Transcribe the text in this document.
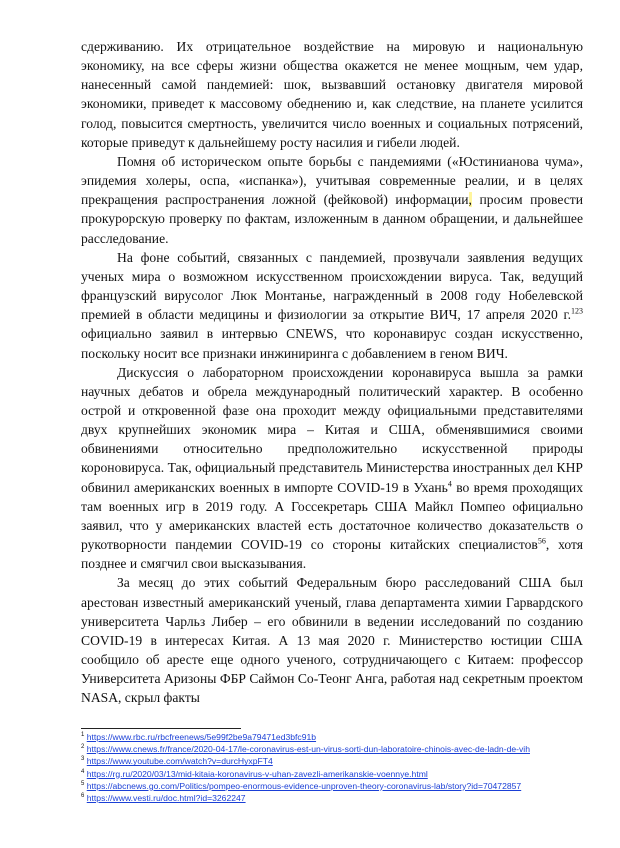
сдерживанию. Их отрицательное воздействие на мировую и национальную экономику, на все сферы жизни общества окажется не менее мощным, чем удар, нанесенный самой пандемией: шок, вызвавший остановку двигателя мировой экономики, приведет к массовому обеднению и, как следствие, на планете усилится голод, повысится смертность, увеличится число военных и социальных потрясений, которые приведут к дальнейшему росту насилия и гибели людей.

Помня об историческом опыте борьбы с пандемиями («Юстинианова чума», эпидемия холеры, оспа, «испанка»), учитывая современные реалии, и в целях прекращения распространения ложной (фейковой) информации, просим провести прокурорскую проверку по фактам, изложенным в данном обращении, и дальнейшее расследование.

На фоне событий, связанных с пандемией, прозвучали заявления ведущих ученых мира о возможном искусственном происхождении вируса. Так, ведущий французский вирусолог Люк Монтанье, награжденный в 2008 году Нобелевской премией в области медицины и физиологии за открытие ВИЧ, 17 апреля 2020 г.$^{123}$ официально заявил в интервью CNEWS, что коронавирус создан искусственно, поскольку носит все признаки инжиниринга с добавлением в геном ВИЧ.

Дискуссия о лабораторном происхождении коронавируса вышла за рамки научных дебатов и обрела международный политический характер. В особенно острой и откровенной фазе она проходит между официальными представителями двух крупнейших экономик мира – Китая и США, обменявшимися своими обвинениями относительно предположительно искусственной природы короновируса. Так, официальный представитель Министерства иностранных дел КНР обвинил американских военных в импорте COVID-19 в Ухань$^4$ во время проходящих там военных игр в 2019 году. А Госсекретарь США Майкл Помпео официально заявил, что у американских властей есть достаточное количество доказательств о рукотворности пандемии COVID-19 со стороны китайских специалистов$^{56}$, хотя позднее и смягчил свои высказывания.

За месяц до этих событий Федеральным бюро расследований США был арестован известный американский ученый, глава департамента химии Гарвардского университета Чарльз Либер – его обвинили в ведении исследований по созданию COVID-19 в интересах Китая. А 13 мая 2020 г. Министерство юстиции США сообщило об аресте еще одного ученого, сотрудничающего с Китаем: профессор Университета Аризоны ФБР Саймон Со-Теонг Анга, работая над секретным проектом NASA, скрыл факты

$^1$ https://www.rbc.ru/rbcfreenews/5e99f2be9a79471ed3bfc91b
$^2$ https://www.cnews.fr/france/2020-04-17/le-coronavirus-est-un-virus-sorti-dun-laboratoire-chinois-avec-de-ladn-de-vih
$^3$ https://www.youtube.com/watch?v=durcHyxpFT4
$^4$ https://rg.ru/2020/03/13/mid-kitaia-koronavirus-v-uhan-zavezli-amerikanskie-voennye.html
$^5$ https://abcnews.go.com/Politics/pompeo-enormous-evidence-unproven-theory-coronavirus-lab/story?id=70472857
$^6$ https://www.vesti.ru/doc.html?id=3262247
